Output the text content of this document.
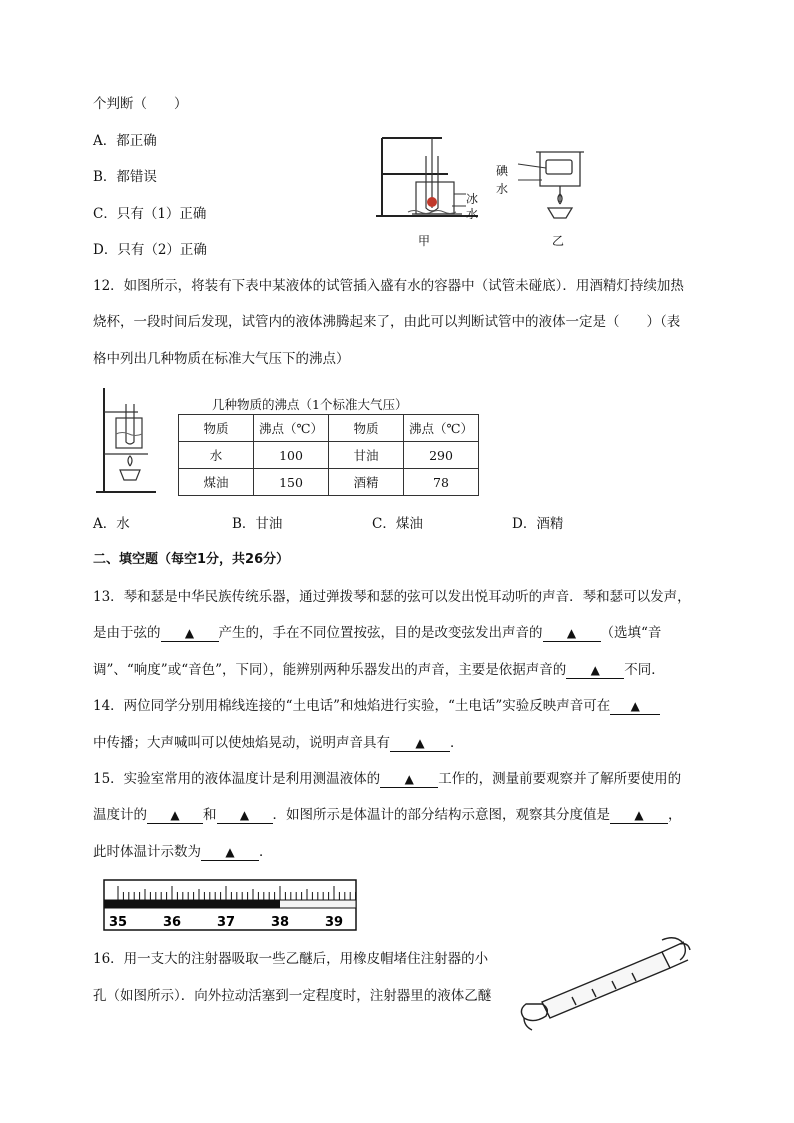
个判断（　　）
A．都正确
B．都错误
C．只有（1）正确
D．只有（2）正确
冰
水
甲
碘
水
乙
12．如图所示，将装有下表中某液体的试管插入盛有水的容器中（试管未碰底）．用酒精灯持续加热
烧杯，一段时间后发现，试管内的液体沸腾起来了，由此可以判断试管中的液体一定是（　　）（表
格中列出几种物质在标准大气压下的沸点）
几种物质的沸点（1个标准大气压）
物质	沸点（℃）	物质	沸点（℃）
水	100	甘油	290
煤油	150	酒精	78
A．水	B．甘油	C．煤油	D．酒精
二、填空题（每空1分，共26分）
13．琴和瑟是中华民族传统乐器，通过弹拨琴和瑟的弦可以发出悦耳动听的声音．琴和瑟可以发声，
是由于弦的 ▲ 产生的，手在不同位置按弦，目的是改变弦发出声音的 ▲ （选填“音
调”、“响度”或“音色”，下同），能辨别两种乐器发出的声音，主要是依据声音的 ▲ 不同．
14．两位同学分别用棉线连接的“土电话”和烛焰进行实验，“土电话”实验反映声音可在 ▲
中传播；大声喊叫可以使烛焰晃动，说明声音具有 ▲ ．
15．实验室常用的液体温度计是利用测温液体的 ▲ 工作的，测量前要观察并了解所要使用的
温度计的 ▲ 和 ▲ ．如图所示是体温计的部分结构示意图，观察其分度值是 ▲ ，
此时体温计示数为 ▲ ．
35	36	37	38	39
16．用一支大的注射器吸取一些乙醚后，用橡皮帽堵住注射器的小
孔（如图所示）．向外拉动活塞到一定程度时，注射器里的液体乙醚
